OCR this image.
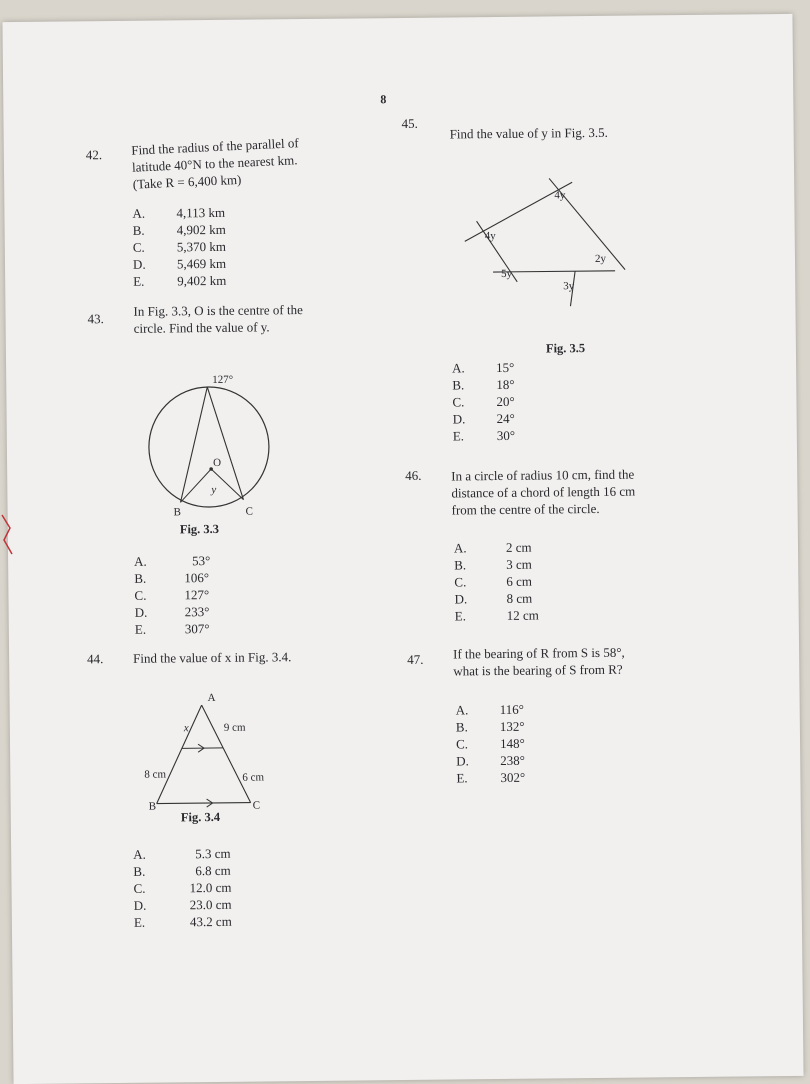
8
42. Find the radius of the parallel of
latitude 40°N to the nearest km.
(Take R = 6,400 km)
A. 4,113 km
B. 4,902 km
C. 5,370 km
D. 5,469 km
E.	9,402 km
43. In Fig. 3.3, O is the centre of the
circle. Find the value of y.
127°
O
y
B	C
Fig. 3.3
A.	53°
B.	106°
C.	127°
D.	233°
E.	307°
44. Find the value of x in Fig. 3.4.
A
x	9 cm
8 cm	6 cm
B	C
Fig. 3.4
A.	5.3 cm
B.	6.8 cm
C.	12.0 cm
D.	23.0 cm
E.	43.2 cm
45.
Find the value of y in Fig. 3.5.
4y
4y
2y
5y
3y
Fig. 3.5
A. 15°
B. 18°
C. 20°
D. 24°
E.	30°
46. In a circle of radius 10 cm, find the
distance of a chord of length 16 cm
from the centre of the circle.
A.	2 cm
B.	3 cm
C.	6 cm
D.	8 cm
E.	12 cm
47. If the bearing of R from S is 58°,
what is the bearing of S from R?
A. 116°
B. 132°
C. 148°
D. 238°
E.	302°
